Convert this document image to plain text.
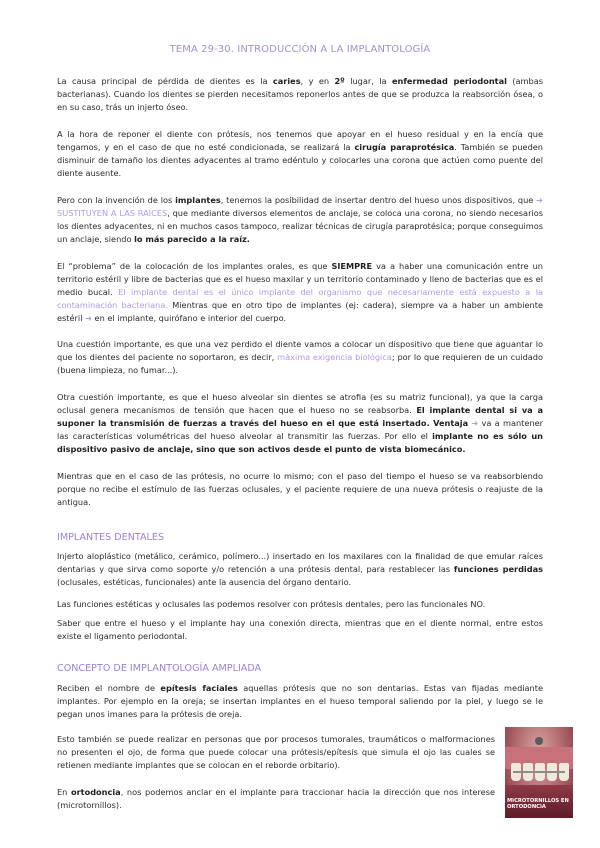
TEMA 29-30. INTRODUCCIÓN A LA IMPLANTOLOGÍA
La causa principal de pérdida de dientes es la caries, y en 2º lugar, la enfermedad periodontal (ambas bacterianas). Cuando los dientes se pierden necesitamos reponerlos antes de que se produzca la reabsorción ósea, o en su caso, trás un injerto óseo.
A la hora de reponer el diente con prótesis, nos tenemos que apoyar en el hueso residual y en la encía que tengamos, y en el caso de que no esté condicionada, se realizará la cirugía paraprotésica. También se pueden disminuir de tamaño los dientes adyacentes al tramo edéntulo y colocarles una corona que actúen como puente del diente ausente.
Pero con la invención de los implantes, tenemos la posibilidad de insertar dentro del hueso unos dispositivos, que ➜ SUSTITUYEN A LAS RAÍCES, que mediante diversos elementos de anclaje, se coloca una corona, no siendo necesarios los dientes adyacentes, ni en muchos casos tampoco, realizar técnicas de cirugía paraprotésica; porque conseguimos un anclaje, siendo lo más parecido a la raíz.
El “problema” de la colocación de los implantes orales, es que SIEMPRE va a haber una comunicación entre un territorio estéril y libre de bacterias que es el hueso maxilar y un territorio contaminado y lleno de bacterias que es el medio bucal. El implante dental es el único implante del organismo que necesariamente está expuesto a la contaminación bacteriana. Mientras que en otro tipo de implantes (ej: cadera), siempre va a haber un ambiente estéril ➜ en el implante, quirófano e interior del cuerpo.
Una cuestión importante, es que una vez perdido el diente vamos a colocar un dispositivo que tiene que aguantar lo que los dientes del paciente no soportaron, es decir, máxima exigencia biológica; por lo que requieren de un cuidado (buena limpieza, no fumar...).
Otra cuestión importante, es que el hueso alveolar sin dientes se atrofia (es su matriz funcional), ya que la carga oclusal genera mecanismos de tensión que hacen que el hueso no se reabsorba. El implante dental si va a suponer la transmisión de fuerzas a través del hueso en el que está insertado. Ventaja ➜ va a mantener las características volumétricas del hueso alveolar al transmitir las fuerzas. Por ello el implante no es sólo un dispositivo pasivo de anclaje, sino que son activos desde el punto de vista biomecánico.
Mientras que en el caso de las prótesis, no ocurre lo mismo; con el paso del tiempo el hueso se va reabsorbiendo porque no recibe el estímulo de las fuerzas oclusales, y el paciente requiere de una nueva prótesis o reajuste de la antigua.
IMPLANTES DENTALES
Injerto aloplástico (metálico, cerámico, polímero...) insertado en los maxilares con la finalidad de que emular raíces dentarias y que sirva como soporte y/o retención a una prótesis dental, para restablecer las funciones perdidas (oclusales, estéticas, funcionales) ante la ausencia del órgano dentario.
Las funciones estéticas y oclusales las podemos resolver con prótesis dentales, pero las funcionales NO.
Saber que entre el hueso y el implante hay una conexión directa, mientras que en el diente normal, entre estos existe el ligamento periodontal.
CONCEPTO DE IMPLANTOLOGÍA AMPLIADA
Reciben el nombre de epítesis faciales aquellas prótesis que no son dentarias. Estas van fijadas mediante implantes. Por ejemplo en la oreja; se insertan implantes en el hueso temporal saliendo por la piel, y luego se le pegan unos imanes para la prótesis de oreja.
Esto también se puede realizar en personas que por procesos tumorales, traumáticos o malformaciones no presenten el ojo, de forma que puede colocar una prótesis/epítesis que simula el ojo las cuales se retienen mediante implantes que se colocan en el reborde orbitario).
En ortodoncia, nos podemos anclar en el implante para traccionar hacia la dirección que nos interese (microtornillos).	MICROTORNILLOS EN ORTODONCIA
